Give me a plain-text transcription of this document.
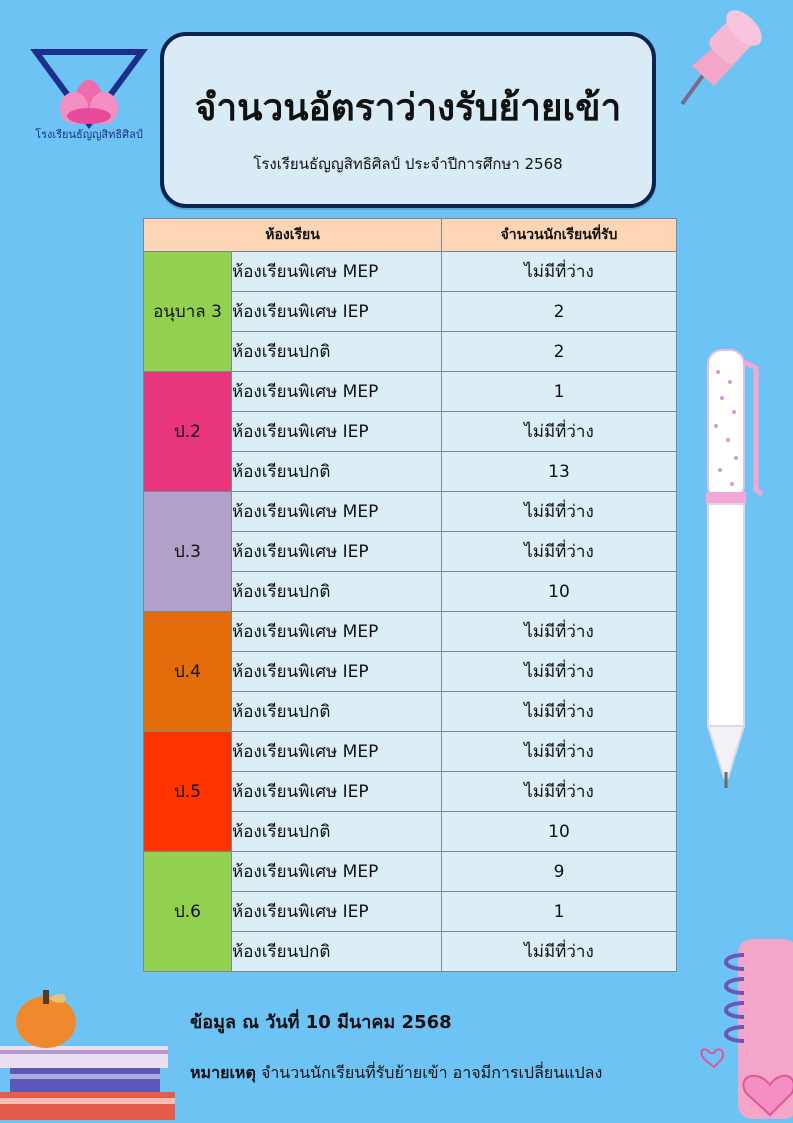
โรงเรียนธัญญสิทธิศิลป์
จำนวนอัตราว่างรับย้ายเข้า
โรงเรียนธัญญสิทธิศิลป์ ประจำปีการศึกษา 2568
ห้องเรียน		จำนวนนักเรียนที่รับ
อนุบาล 3	ห้องเรียนพิเศษ MEP	ไม่มีที่ว่าง
	ห้องเรียนพิเศษ IEP	2
	ห้องเรียนปกติ	2
ป.2	ห้องเรียนพิเศษ MEP	1
	ห้องเรียนพิเศษ IEP	ไม่มีที่ว่าง
	ห้องเรียนปกติ	13
ป.3	ห้องเรียนพิเศษ MEP	ไม่มีที่ว่าง
	ห้องเรียนพิเศษ IEP	ไม่มีที่ว่าง
	ห้องเรียนปกติ	10
ป.4	ห้องเรียนพิเศษ MEP	ไม่มีที่ว่าง
	ห้องเรียนพิเศษ IEP	ไม่มีที่ว่าง
	ห้องเรียนปกติ	ไม่มีที่ว่าง
ป.5	ห้องเรียนพิเศษ MEP	ไม่มีที่ว่าง
	ห้องเรียนพิเศษ IEP	ไม่มีที่ว่าง
	ห้องเรียนปกติ	10
ป.6	ห้องเรียนพิเศษ MEP	9
	ห้องเรียนพิเศษ IEP	1
	ห้องเรียนปกติ	ไม่มีที่ว่าง
ข้อมูล ณ วันที่ 10 มีนาคม 2568
หมายเหตุ จำนวนนักเรียนที่รับย้ายเข้า อาจมีการเปลี่ยนแปลง
